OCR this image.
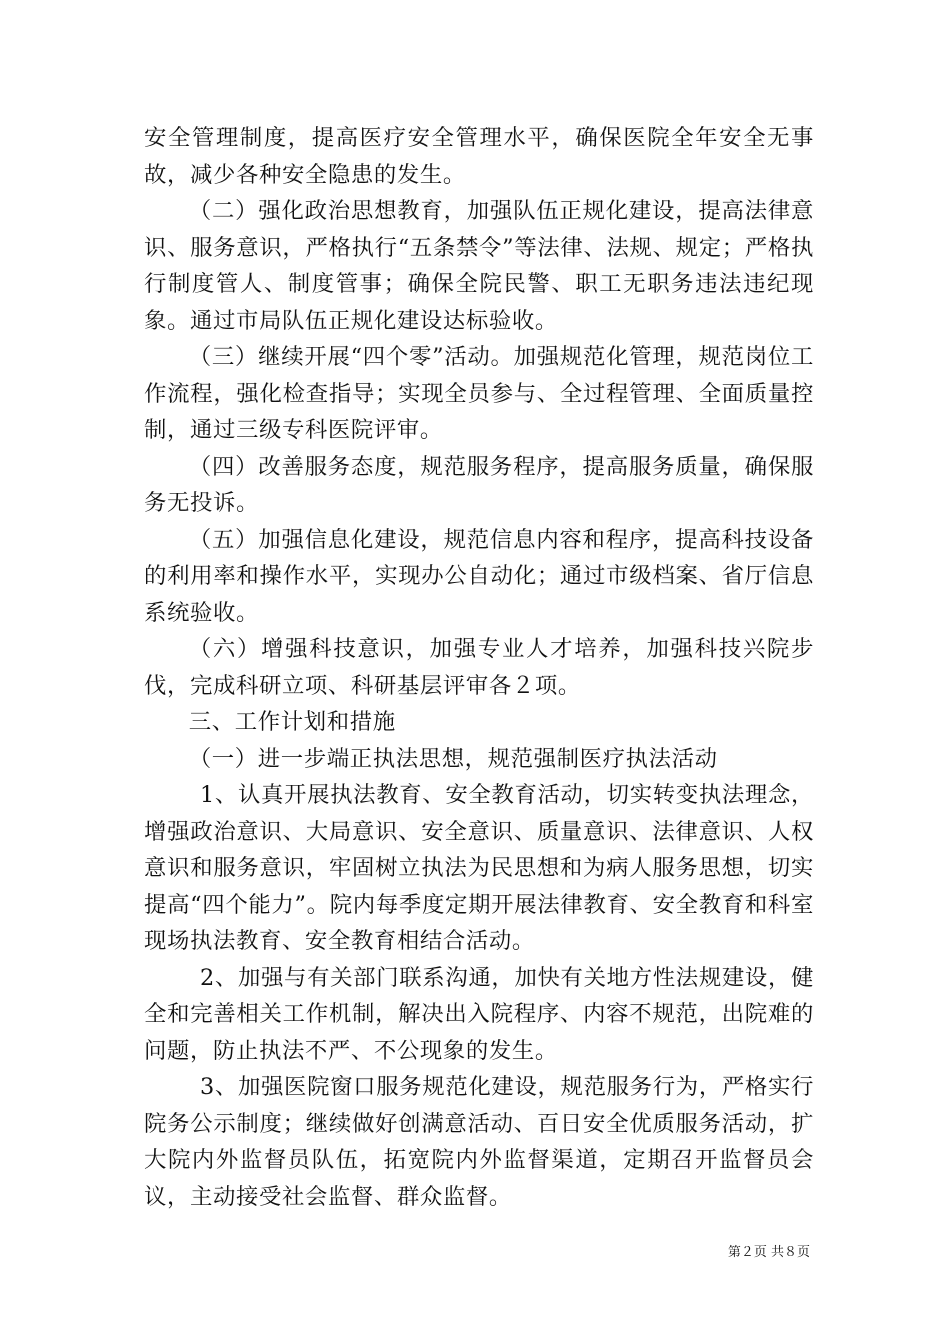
安全管理制度，提高医疗安全管理水平，确保医院全年安全无事故，减少各种安全隐患的发生。

（二）强化政治思想教育，加强队伍正规化建设，提高法律意识、服务意识，严格执行“五条禁令”等法律、法规、规定；严格执行制度管人、制度管事；确保全院民警、职工无职务违法违纪现象。通过市局队伍正规化建设达标验收。

（三）继续开展“四个零”活动。加强规范化管理，规范岗位工作流程，强化检查指导；实现全员参与、全过程管理、全面质量控制，通过三级专科医院评审。

（四）改善服务态度，规范服务程序，提高服务质量，确保服务无投诉。

（五）加强信息化建设，规范信息内容和程序，提高科技设备的利用率和操作水平，实现办公自动化；通过市级档案、省厅信息系统验收。

（六）增强科技意识，加强专业人才培养，加强科技兴院步伐，完成科研立项、科研基层评审各２项。

三、工作计划和措施

（一）进一步端正执法思想，规范强制医疗执法活动

1、认真开展执法教育、安全教育活动，切实转变执法理念，增强政治意识、大局意识、安全意识、质量意识、法律意识、人权意识和服务意识，牢固树立执法为民思想和为病人服务思想，切实提高“四个能力”。院内每季度定期开展法律教育、安全教育和科室现场执法教育、安全教育相结合活动。

2、加强与有关部门联系沟通，加快有关地方性法规建设，健全和完善相关工作机制，解决出入院程序、内容不规范，出院难的问题，防止执法不严、不公现象的发生。

3、加强医院窗口服务规范化建设，规范服务行为，严格实行院务公示制度；继续做好创满意活动、百日安全优质服务活动，扩大院内外监督员队伍，拓宽院内外监督渠道，定期召开监督员会议，主动接受社会监督、群众监督。

第２页 共８页
